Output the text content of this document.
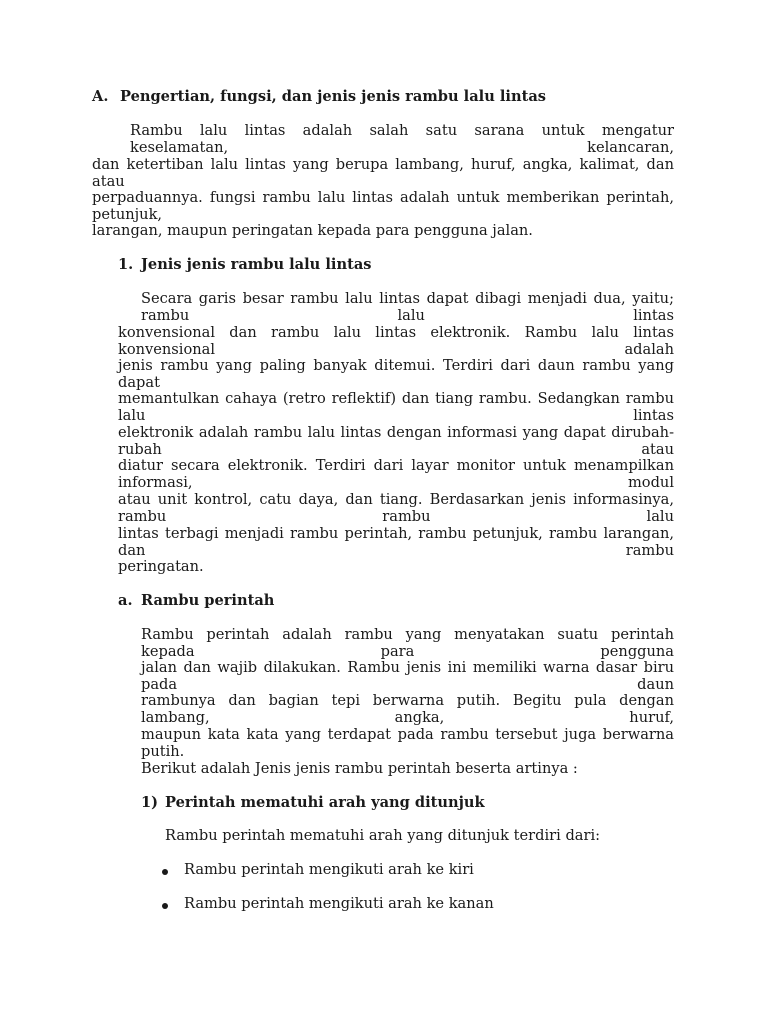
A. Pengertian, fungsi, dan jenis jenis rambu lalu lintas
Rambu lalu lintas adalah salah satu sarana untuk mengatur keselamatan, kelancaran,
dan ketertiban lalu lintas yang berupa lambang, huruf, angka, kalimat, dan atau
perpaduannya. fungsi rambu lalu lintas adalah untuk memberikan perintah, petunjuk,
larangan, maupun peringatan kepada para pengguna jalan.
1. Jenis jenis rambu lalu lintas
Secara garis besar rambu lalu lintas dapat dibagi menjadi dua, yaitu; rambu lalu lintas
konvensional dan rambu lalu lintas elektronik. Rambu lalu lintas konvensional adalah
jenis rambu yang paling banyak ditemui. Terdiri dari daun rambu yang dapat
memantulkan cahaya (retro reflektif) dan tiang rambu. Sedangkan rambu lalu lintas
elektronik adalah rambu lalu lintas dengan informasi yang dapat dirubah-rubah atau
diatur secara elektronik. Terdiri dari layar monitor untuk menampilkan informasi, modul
atau unit kontrol, catu daya, dan tiang. Berdasarkan jenis informasinya, rambu rambu lalu
lintas terbagi menjadi rambu perintah, rambu petunjuk, rambu larangan, dan rambu
peringatan.
a. Rambu perintah
Rambu perintah adalah rambu yang menyatakan suatu perintah kepada para pengguna
jalan dan wajib dilakukan. Rambu jenis ini memiliki warna dasar biru pada daun
rambunya dan bagian tepi berwarna putih. Begitu pula dengan lambang, angka, huruf,
maupun kata kata yang terdapat pada rambu tersebut juga berwarna putih.
Berikut adalah Jenis jenis rambu perintah beserta artinya :
1) Perintah mematuhi arah yang ditunjuk
Rambu perintah mematuhi arah yang ditunjuk terdiri dari:
Rambu perintah mengikuti arah ke kiri
Rambu perintah mengikuti arah ke kanan
